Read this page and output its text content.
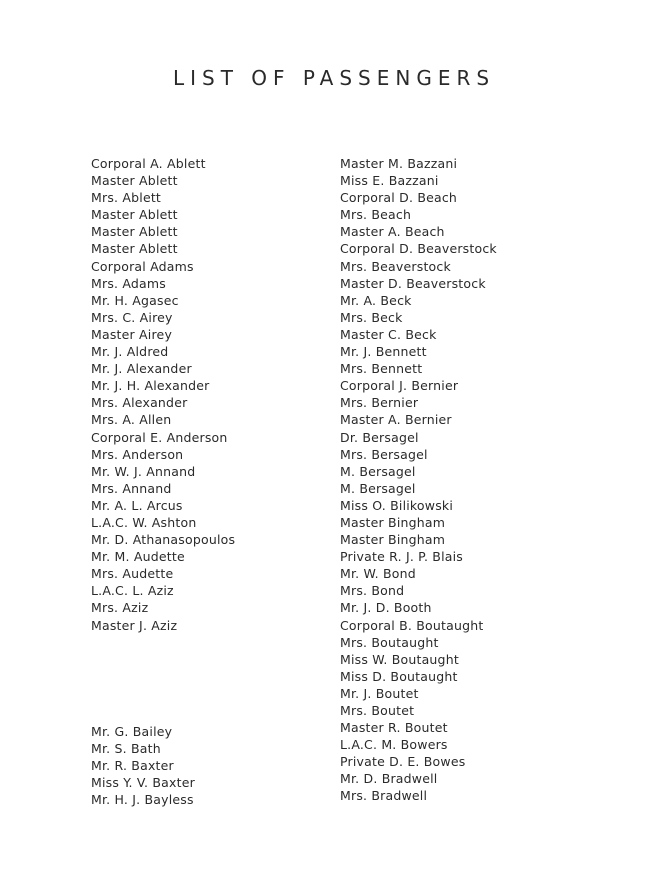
LIST OF PASSENGERS
Corporal A. Ablett
Master Ablett
Mrs. Ablett
Master Ablett
Master Ablett
Master Ablett
Corporal Adams
Mrs. Adams
Mr. H. Agasec
Mrs. C. Airey
Master Airey
Mr. J. Aldred
Mr. J. Alexander
Mr. J. H. Alexander
Mrs. Alexander
Mrs. A. Allen
Corporal E. Anderson
Mrs. Anderson
Mr. W. J. Annand
Mrs. Annand
Mr. A. L. Arcus
L.A.C. W. Ashton
Mr. D. Athanasopoulos
Mr. M. Audette
Mrs. Audette
L.A.C. L. Aziz
Mrs. Aziz
Master J. Aziz
Mr. G. Bailey
Mr. S. Bath
Mr. R. Baxter
Miss Y. V. Baxter
Mr. H. J. Bayless
Master M. Bazzani
Miss E. Bazzani
Corporal D. Beach
Mrs. Beach
Master A. Beach
Corporal D. Beaverstock
Mrs. Beaverstock
Master D. Beaverstock
Mr. A. Beck
Mrs. Beck
Master C. Beck
Mr. J. Bennett
Mrs. Bennett
Corporal J. Bernier
Mrs. Bernier
Master A. Bernier
Dr. Bersagel
Mrs. Bersagel
M. Bersagel
M. Bersagel
Miss O. Bilikowski
Master Bingham
Master Bingham
Private R. J. P. Blais
Mr. W. Bond
Mrs. Bond
Mr. J. D. Booth
Corporal B. Boutaught
Mrs. Boutaught
Miss W. Boutaught
Miss D. Boutaught
Mr. J. Boutet
Mrs. Boutet
Master R. Boutet
L.A.C. M. Bowers
Private D. E. Bowes
Mr. D. Bradwell
Mrs. Bradwell
